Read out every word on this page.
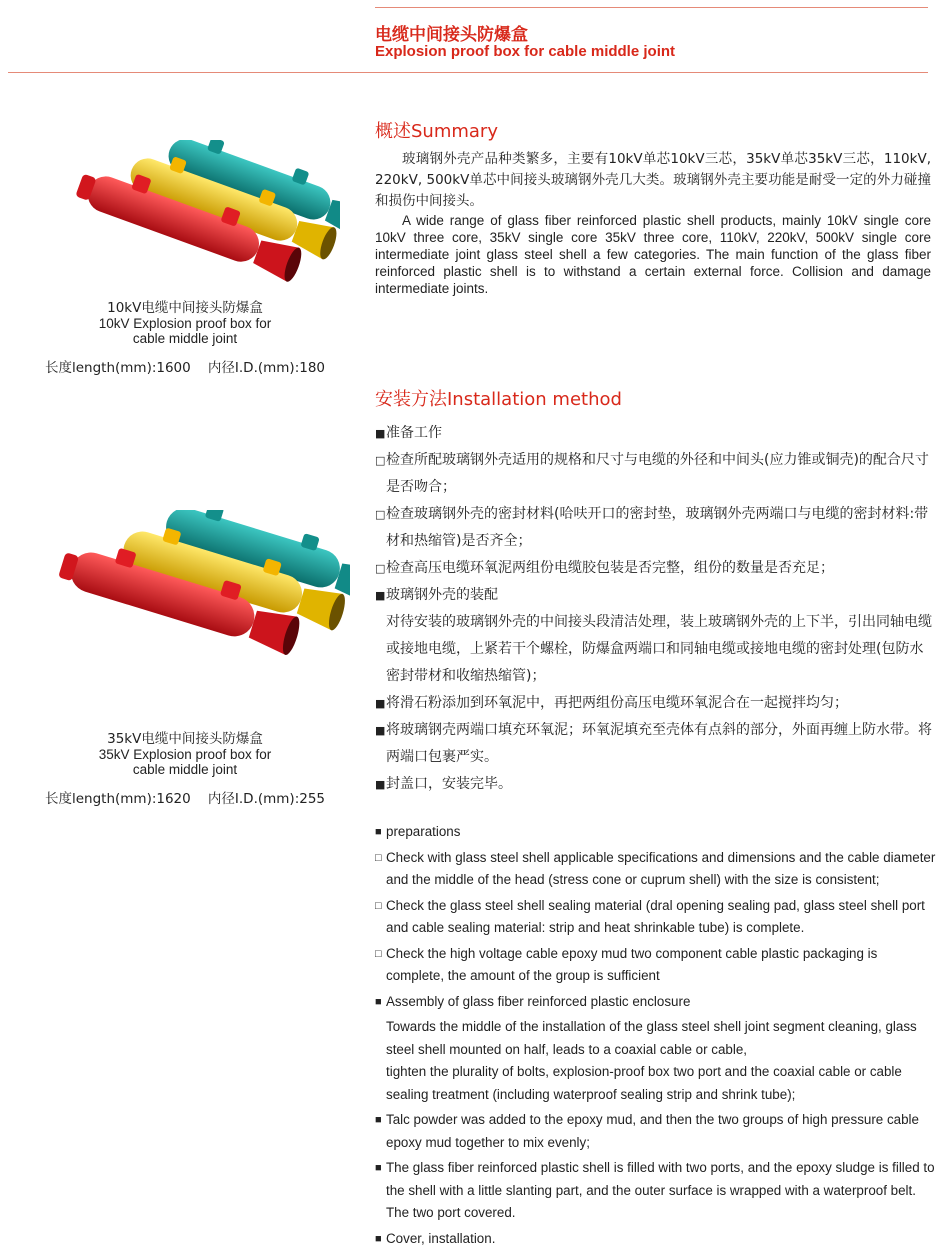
电缆中间接头防爆盒
Explosion proof box for cable middle joint
10kV电缆中间接头防爆盒
10kV Explosion proof box for
cable middle joint
长度length(mm):1600    内径I.D.(mm):180
35kV电缆中间接头防爆盒
35kV Explosion proof box for
cable middle joint
长度length(mm):1620    内径I.D.(mm):255
概述Summary

玻璃钢外壳产品种类繁多，主要有10kV单芯10kV三芯，35kV单芯35kV三芯，110kV, 220kV, 500kV单芯中间接头玻璃钢外壳几大类。玻璃钢外壳主要功能是耐受一定的外力碰撞和损伤中间接头。

A wide range of glass fiber reinforced plastic shell products, mainly 10kV single core 10kV three core, 35kV single core 35kV three core, 110kV, 220kV, 500kV single core intermediate joint glass steel shell a few categories. The main function of the glass fiber reinforced plastic shell is to withstand a certain external force. Collision and damage intermediate joints.

安装方法Installation method
■ 准备工作
□ 检查所配玻璃钢外壳适用的规格和尺寸与电缆的外径和中间头(应力锥或铜壳)的配合尺寸是否吻合；
□ 检查玻璃钢外壳的密封材料(哈呋开口的密封垫，玻璃钢外壳两端口与电缆的密封材料:带材和热缩管)是否齐全；
□ 检查高压电缆环氧泥两组份电缆胶包装是否完整，组份的数量是否充足；
■ 玻璃钢外壳的装配
对待安装的玻璃钢外壳的中间接头段清洁处理，装上玻璃钢外壳的上下半，引出同轴电缆或接地电缆，上紧若干个螺栓，防爆盒两端口和同轴电缆或接地电缆的密封处理(包防水密封带材和收缩热缩管)；
■ 将滑石粉添加到环氧泥中，再把两组份高压电缆环氧泥合在一起搅拌均匀；
■ 将玻璃钢壳两端口填充环氧泥；环氧泥填充至壳体有点斜的部分，外面再缠上防水带。将两端口包裹严实。
■ 封盖口，安装完毕。
■ preparations
□ Check with glass steel shell applicable specifications and dimensions and the cable diameter and the middle of the head (stress cone or cuprum shell) with the size is consistent;
□ Check the glass steel shell sealing material (dral opening sealing pad, glass steel shell port and cable sealing material: strip and heat shrinkable tube) is complete.
□ Check the high voltage cable epoxy mud two component cable plastic packaging is complete, the amount of the group is sufficient
■ Assembly of glass fiber reinforced plastic enclosure
Towards the middle of the installation of the glass steel shell joint segment cleaning, glass steel shell mounted on half, leads to a coaxial cable or cable,
tighten the plurality of bolts, explosion-proof box two port and the coaxial cable or cable sealing treatment (including waterproof sealing strip and shrink tube);
■ Talc powder was added to the epoxy mud, and then the two groups of high pressure cable epoxy mud together to mix evenly;
■ The glass fiber reinforced plastic shell is filled with two ports, and the epoxy sludge is filled to the shell with a little slanting part, and the outer surface is wrapped with a waterproof belt. The two port covered.
■ Cover, installation.
